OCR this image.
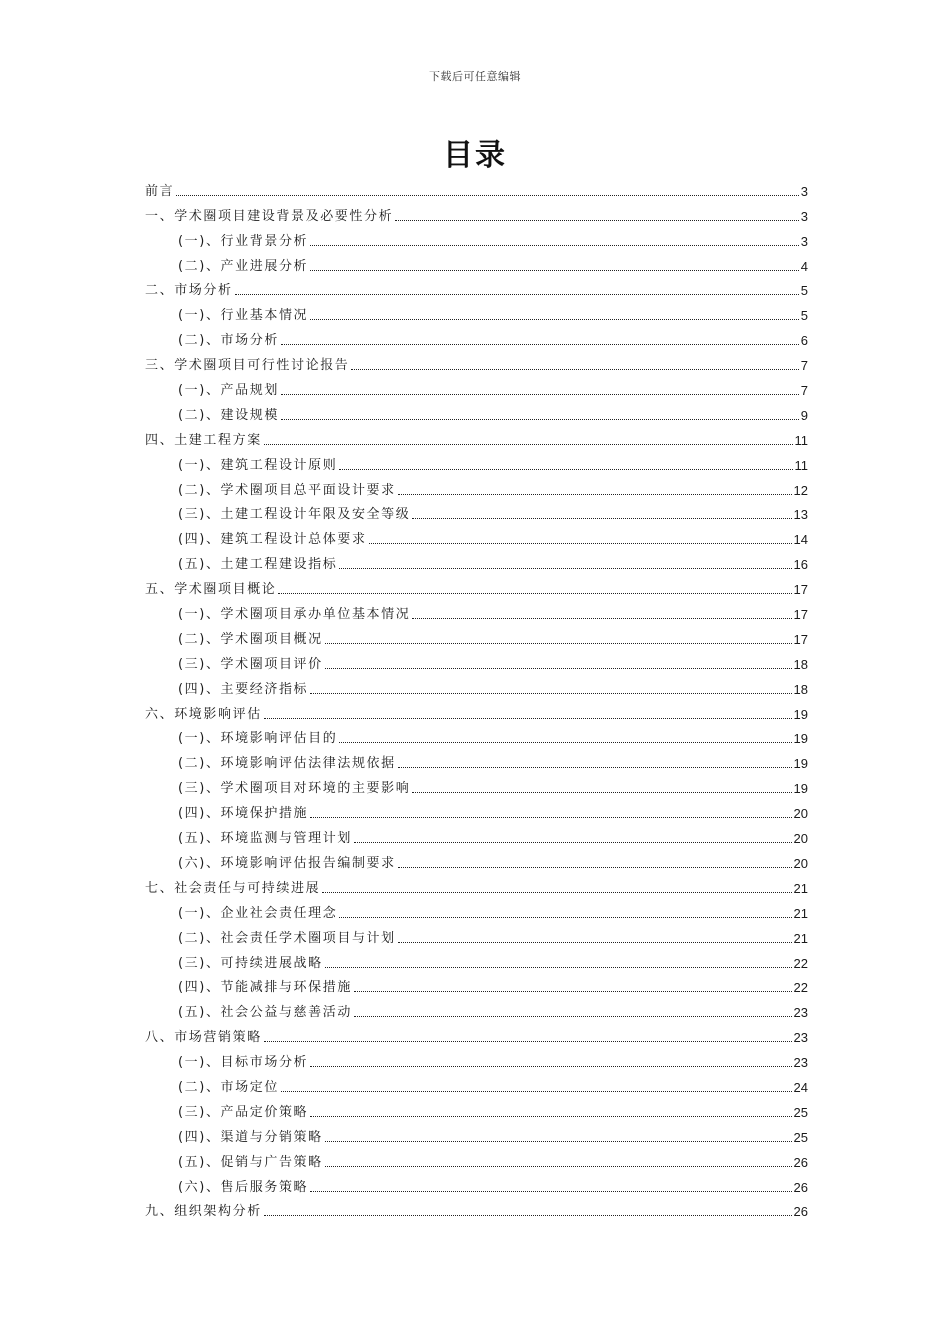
下载后可任意编辑
目录
前言	3
一、学术圈项目建设背景及必要性分析	3
(一)、行业背景分析	3
(二)、产业进展分析	4
二、市场分析	5
(一)、行业基本情况	5
(二)、市场分析	6
三、学术圈项目可行性讨论报告	7
(一)、产品规划	7
(二)、建设规模	9
四、土建工程方案	11
(一)、建筑工程设计原则	11
(二)、学术圈项目总平面设计要求	12
(三)、土建工程设计年限及安全等级	13
(四)、建筑工程设计总体要求	14
(五)、土建工程建设指标	16
五、学术圈项目概论	17
(一)、学术圈项目承办单位基本情况	17
(二)、学术圈项目概况	17
(三)、学术圈项目评价	18
(四)、主要经济指标	18
六、环境影响评估	19
(一)、环境影响评估目的	19
(二)、环境影响评估法律法规依据	19
(三)、学术圈项目对环境的主要影响	19
(四)、环境保护措施	20
(五)、环境监测与管理计划	20
(六)、环境影响评估报告编制要求	20
七、社会责任与可持续进展	21
(一)、企业社会责任理念	21
(二)、社会责任学术圈项目与计划	21
(三)、可持续进展战略	22
(四)、节能减排与环保措施	22
(五)、社会公益与慈善活动	23
八、市场营销策略	23
(一)、目标市场分析	23
(二)、市场定位	24
(三)、产品定价策略	25
(四)、渠道与分销策略	25
(五)、促销与广告策略	26
(六)、售后服务策略	26
九、组织架构分析	26
